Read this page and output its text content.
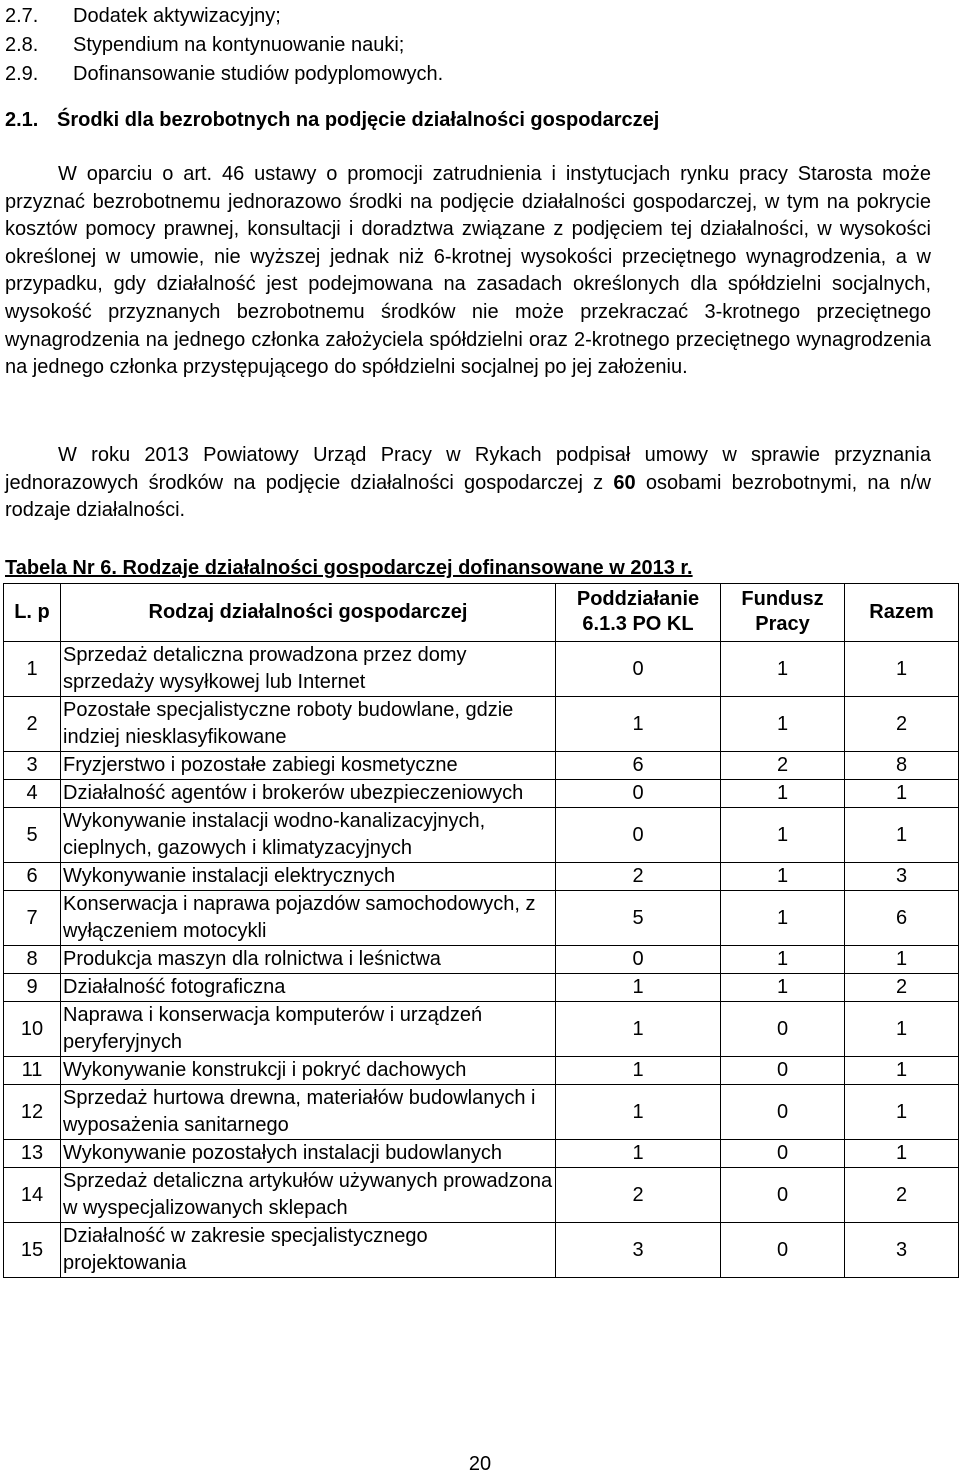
2.7.	Dodatek aktywizacyjny;
2.8.	Stypendium na kontynuowanie nauki;
2.9.	Dofinansowanie studiów podyplomowych.
2.1. Środki dla bezrobotnych na podjęcie działalności gospodarczej

W oparciu o art. 46 ustawy o promocji zatrudnienia i instytucjach rynku pracy Starosta może przyznać bezrobotnemu jednorazowo środki na podjęcie działalności gospodarczej, w tym na pokrycie kosztów pomocy prawnej, konsultacji i doradztwa związane z podjęciem tej działalności, w wysokości określonej w umowie, nie wyższej jednak niż 6-krotnej wysokości przeciętnego wynagrodzenia, a w przypadku, gdy działalność jest podejmowana na zasadach określonych dla spółdzielni socjalnych, wysokość przyznanych bezrobotnemu środków nie może przekraczać 3-krotnego przeciętnego wynagrodzenia na jednego członka założyciela spółdzielni oraz 2-krotnego przeciętnego wynagrodzenia na jednego członka przystępującego do spółdzielni socjalnej po jej założeniu.

W roku 2013 Powiatowy Urząd Pracy w Rykach podpisał umowy w sprawie przyznania jednorazowych środków na podjęcie działalności gospodarczej z 60 osobami bezrobotnymi, na n/w rodzaje działalności.

Tabela Nr 6. Rodzaje działalności gospodarczej dofinansowane w 2013 r.
L. p	Rodzaj działalności gospodarczej	Poddziałanie 6.1.3 PO KL	Fundusz Pracy	Razem
1	Sprzedaż detaliczna prowadzona przez domy sprzedaży wysyłkowej lub Internet	0	1	1
2	Pozostałe specjalistyczne roboty budowlane, gdzie indziej niesklasyfikowane	1	1	2
3	Fryzjerstwo i pozostałe zabiegi kosmetyczne	6	2	8
4	Działalność agentów i brokerów ubezpieczeniowych	0	1	1
5	Wykonywanie instalacji wodno-kanalizacyjnych, cieplnych, gazowych i klimatyzacyjnych	0	1	1
6	Wykonywanie instalacji elektrycznych	2	1	3
7	Konserwacja i naprawa pojazdów samochodowych, z wyłączeniem motocykli	5	1	6
8	Produkcja maszyn dla rolnictwa i leśnictwa	0	1	1
9	Działalność fotograficzna	1	1	2
10	Naprawa i konserwacja komputerów i urządzeń peryferyjnych	1	0	1
11	Wykonywanie konstrukcji i pokryć dachowych	1	0	1
12	Sprzedaż hurtowa drewna, materiałów budowlanych i wyposażenia sanitarnego	1	0	1
13	Wykonywanie pozostałych instalacji budowlanych	1	0	1
14	Sprzedaż detaliczna artykułów używanych prowadzona w wyspecjalizowanych sklepach	2	0	2
15	Działalność w zakresie specjalistycznego projektowania	3	0	3
20
